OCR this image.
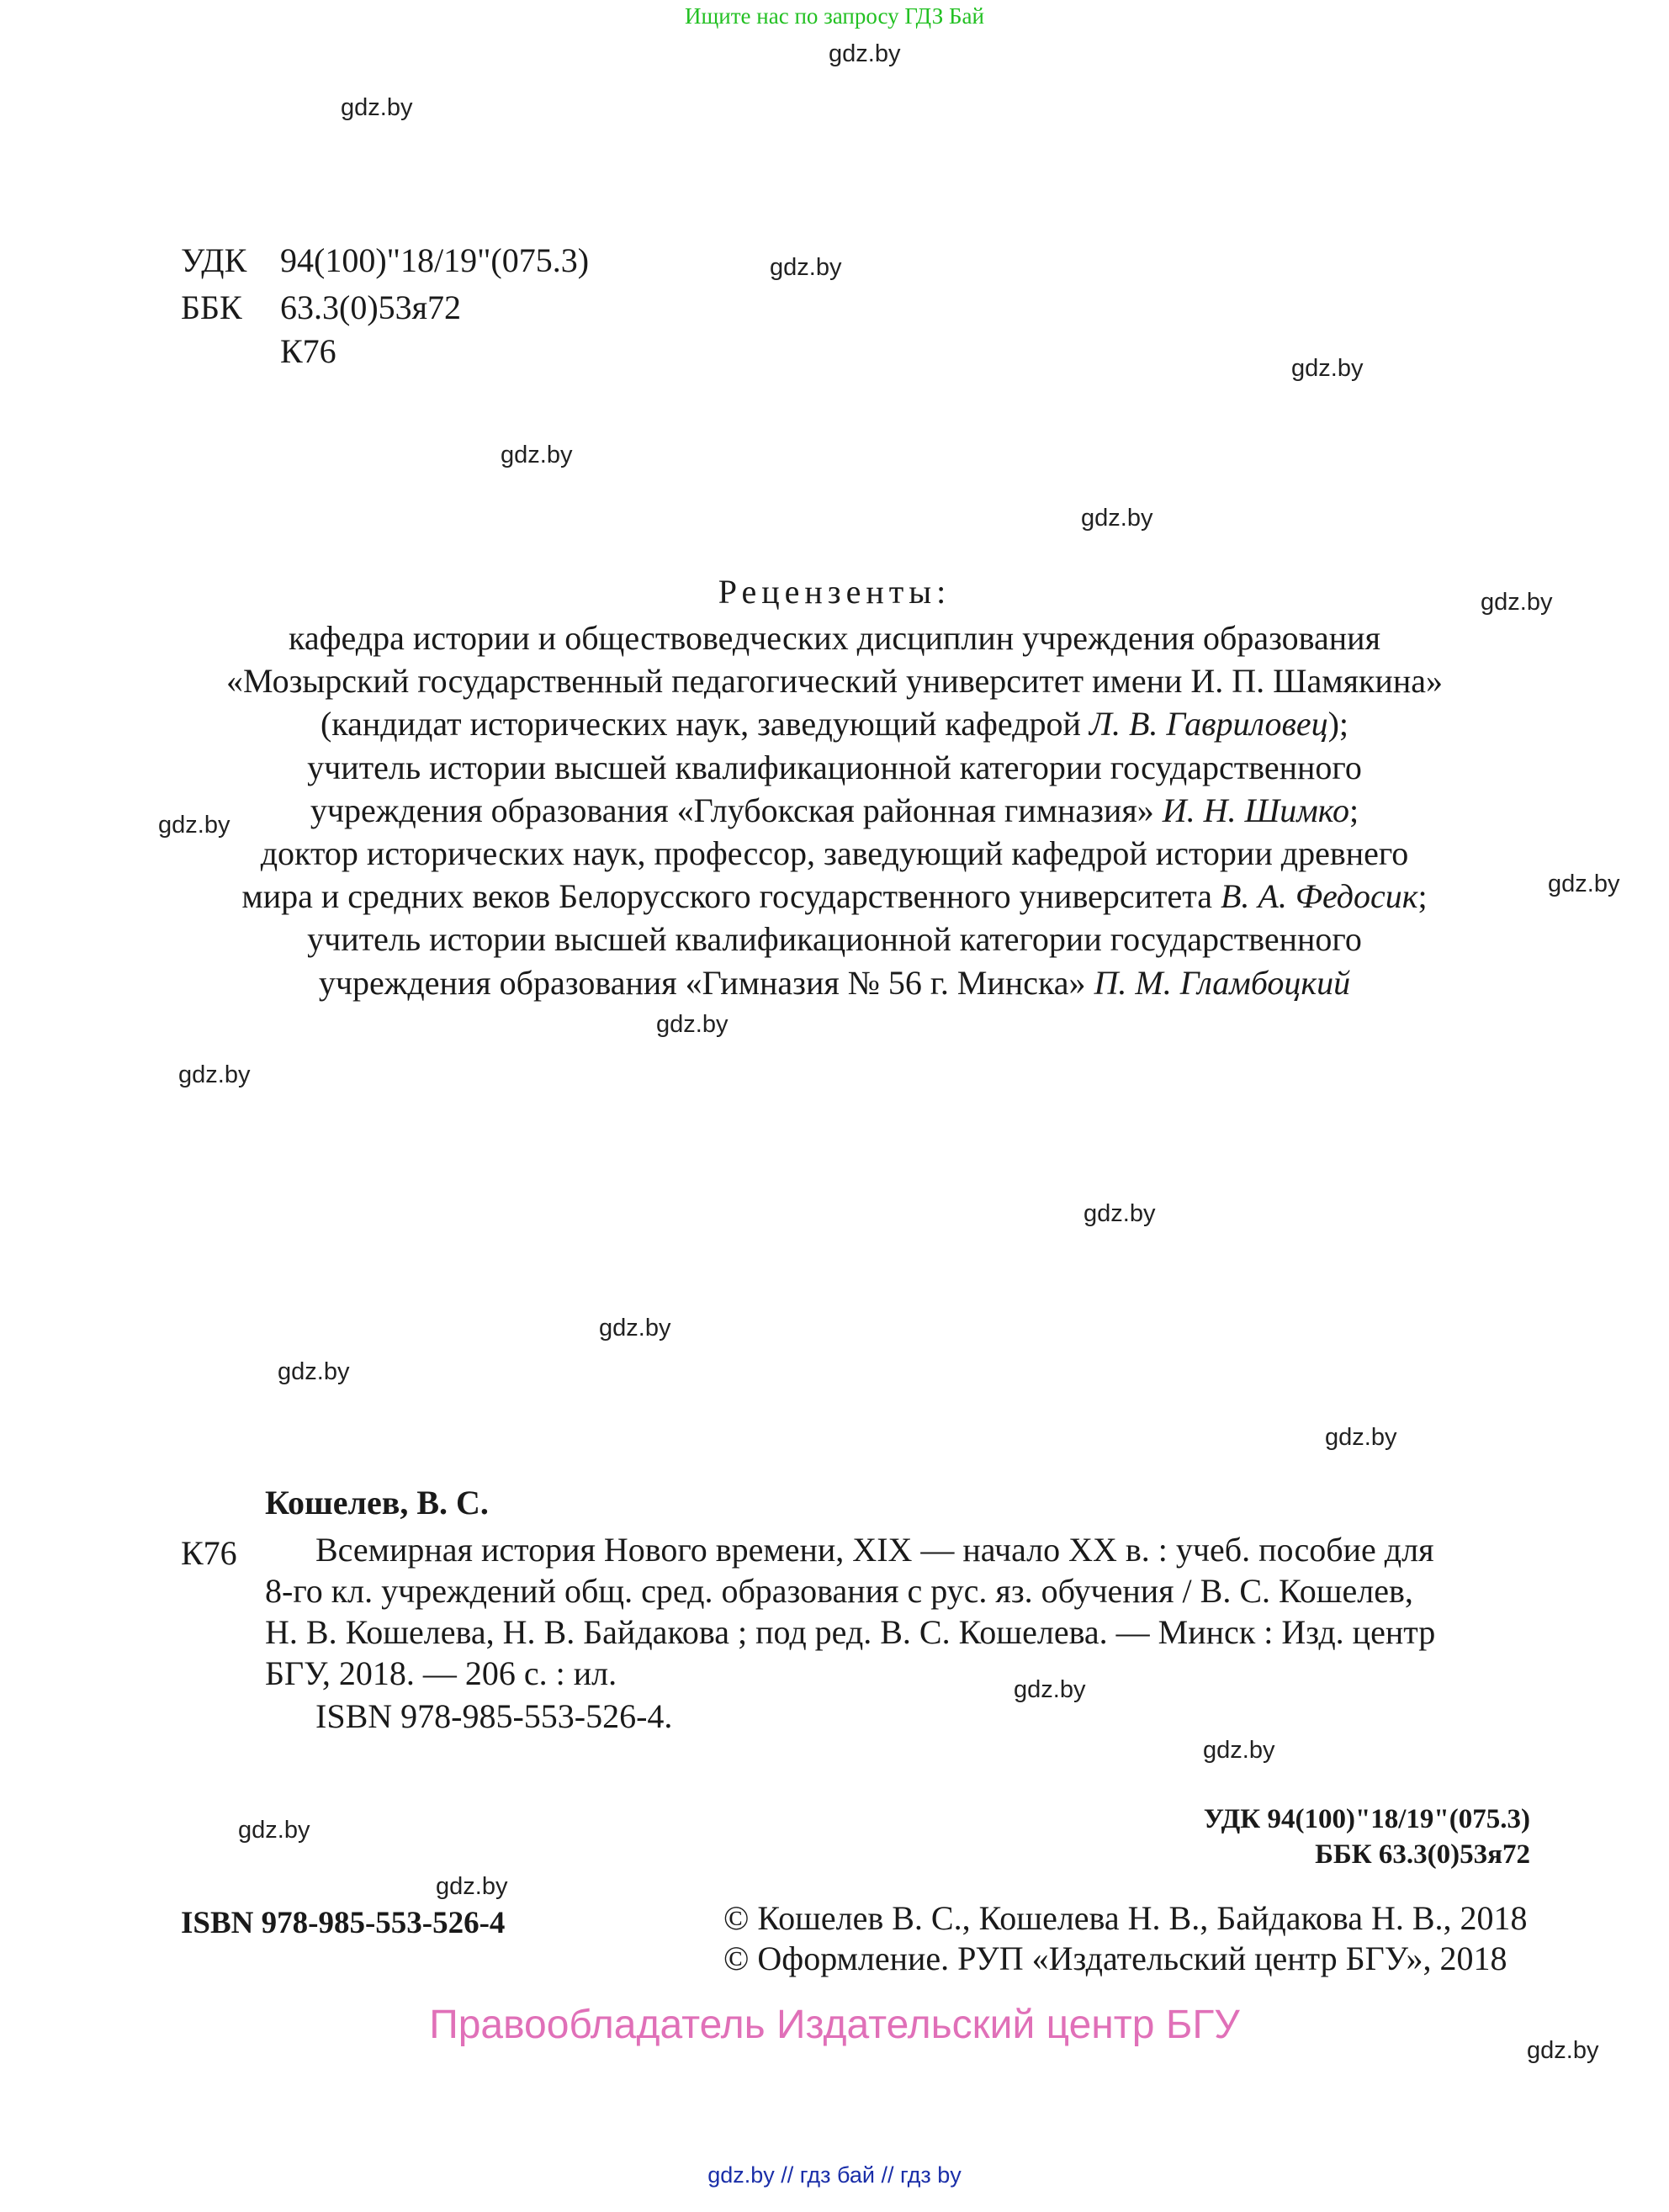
Ищите нас по запросу ГДЗ Бай
gdz.by
gdz.by
gdz.by
gdz.by
gdz.by
gdz.by
gdz.by
gdz.by
gdz.by
gdz.by
gdz.by
gdz.by
gdz.by
gdz.by
gdz.by
gdz.by
gdz.by
gdz.by
gdz.by
gdz.by
УДК 94(100)"18/19"(075.3)
ББК 63.3(0)53я72
К76
Рецензенты:
кафедра истории и обществоведческих дисциплин учреждения образования
«Мозырский государственный педагогический университет имени И. П. Шамякина»
(кандидат исторических наук, заведующий кафедрой Л. В. Гавриловец);
учитель истории высшей квалификационной категории государственного
учреждения образования «Глубокская районная гимназия» И. Н. Шимко;
доктор исторических наук, профессор, заведующий кафедрой истории древнего
мира и средних веков Белорусского государственного университета В. А. Федосик;
учитель истории высшей квалификационной категории государственного
учреждения образования «Гимназия № 56 г. Минска» П. М. Гламбоцкий
Кошелев, В. С.
К76 Всемирная история Нового времени, XIX — начало XX в. : учеб. пособие для
8-го кл. учреждений общ. сред. образования с рус. яз. обучения / В. С. Кошелев,
Н. В. Кошелева, Н. В. Байдакова ; под ред. В. С. Кошелева. — Минск : Изд. центр
БГУ, 2018. — 206 с. : ил.
ISBN 978-985-553-526-4.
УДК 94(100)"18/19"(075.3)
ББК 63.3(0)53я72
ISBN 978-985-553-526-4	© Кошелев В. С., Кошелева Н. В., Байдакова Н. В., 2018
© Оформление. РУП «Издательский центр БГУ», 2018
Правообладатель Издательский центр БГУ
gdz.by // гдз бай // гдз by
